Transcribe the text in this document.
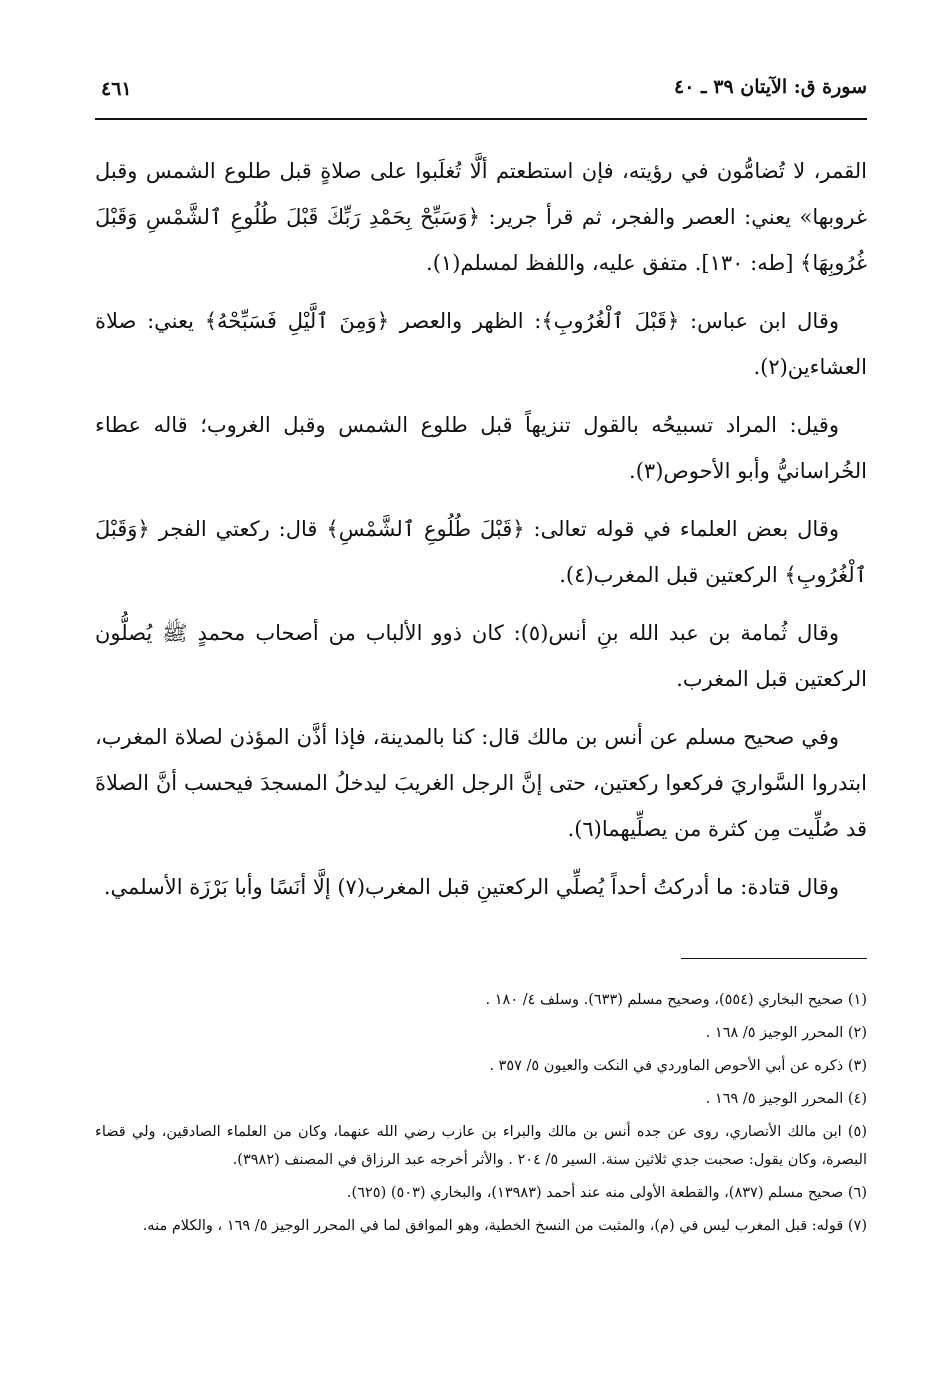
سورة ق: الآيتان ٣٩ ـ ٤٠
٤٦١

القمر، لا تُضامُّون في رؤيته، فإن استطعتم ألَّا تُغلَبوا على صلاةٍ قبل طلوع الشمس وقبل غروبها» يعني: العصر والفجر، ثم قرأ جرير: ﴿وَسَبِّحْ بِحَمْدِ رَبِّكَ قَبْلَ طُلُوعِ ٱلشَّمْسِ وَقَبْلَ غُرُوبِهَا﴾ [طه: ١٣٠]. متفق عليه، واللفظ لمسلم(١).

وقال ابن عباس: ﴿قَبْلَ ٱلْغُرُوبِ﴾: الظهر والعصر ﴿وَمِنَ ٱلَّيْلِ فَسَبِّحْهُ﴾ يعني: صلاة العشاءين(٢).

وقيل: المراد تسبيحُه بالقول تنزيهاً قبل طلوع الشمس وقبل الغروب؛ قاله عطاء الخُراسانيُّ وأبو الأحوص(٣).

وقال بعض العلماء في قوله تعالى: ﴿قَبْلَ طُلُوعِ ٱلشَّمْسِ﴾ قال: ركعتي الفجر ﴿وَقَبْلَ ٱلْغُرُوبِ﴾ الركعتين قبل المغرب(٤).

وقال ثُمامة بن عبد الله بنِ أنس(٥): كان ذوو الألباب من أصحاب محمدٍ ﷺ يُصلُّون الركعتين قبل المغرب.

وفي صحيح مسلم عن أنس بن مالك قال: كنا بالمدينة، فإذا أذَّن المؤذن لصلاة المغرب، ابتدروا السَّواريَ فركعوا ركعتين، حتى إنَّ الرجل الغريبَ ليدخلُ المسجدَ فيحسب أنَّ الصلاةَ قد صُلِّيت مِن كثرة من يصلِّيهما(٦).

وقال قتادة: ما أدركتُ أحداً يُصلِّي الركعتينِ قبل المغرب(٧) إلَّا أنَسًا وأبا بَرْزَة الأسلمي.

(١) صحيح البخاري (٥٥٤)، وصحيح مسلم (٦٣٣). وسلف ٤/ ١٨٠ .

(٢) المحرر الوجيز ٥/ ١٦٨ .

(٣) ذكره عن أبي الأحوص الماوردي في النكت والعيون ٥/ ٣٥٧ .

(٤) المحرر الوجيز ٥/ ١٦٩ .

(٥) ابن مالك الأنصاري، روى عن جده أنس بن مالك والبراء بن عازب رضي الله عنهما، وكان من العلماء الصادقين، ولي قضاء البصرة، وكان يقول: صحبت جدي ثلاثين سنة. السير ٥/ ٢٠٤ . والأثر أخرجه عبد الرزاق في المصنف (٣٩٨٢).

(٦) صحيح مسلم (٨٣٧)، والقطعة الأولى منه عند أحمد (١٣٩٨٣)، والبخاري (٥٠٣) (٦٢٥).

(٧) قوله: قبل المغرب ليس في (م)، والمثبت من النسخ الخطية، وهو الموافق لما في المحرر الوجيز ٥/ ١٦٩ ، والكلام منه.
